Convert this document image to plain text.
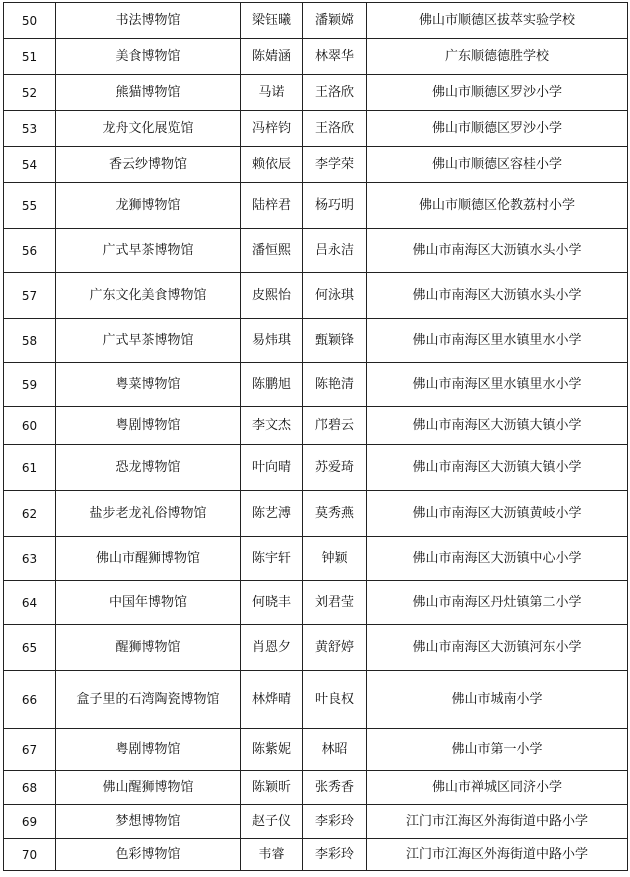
50	书法博物馆	梁钰曦	潘颖嫦	佛山市顺德区拔萃实验学校
51	美食博物馆	陈婧涵	林翠华	广东顺德德胜学校
52	熊猫博物馆	马诺	王洛欣	佛山市顺德区罗沙小学
53	龙舟文化展览馆	冯梓钧	王洛欣	佛山市顺德区罗沙小学
54	香云纱博物馆	赖依辰	李学荣	佛山市顺德区容桂小学
55	龙狮博物馆	陆梓君	杨巧明	佛山市顺德区伦教荔村小学
56	广式早茶博物馆	潘恒熙	吕永洁	佛山市南海区大沥镇水头小学
57	广东文化美食博物馆	皮熙怡	何泳琪	佛山市南海区大沥镇水头小学
58	广式早茶博物馆	易炜琪	甄颖锋	佛山市南海区里水镇里水小学
59	粤菜博物馆	陈鹏旭	陈艳清	佛山市南海区里水镇里水小学
60	粤剧博物馆	李文杰	邝碧云	佛山市南海区大沥镇大镇小学
61	恐龙博物馆	叶向晴	苏爱琦	佛山市南海区大沥镇大镇小学
62	盐步老龙礼俗博物馆	陈艺溥	莫秀燕	佛山市南海区大沥镇黄岐小学
63	佛山市醒狮博物馆	陈宇轩	钟颖	佛山市南海区大沥镇中心小学
64	中国年博物馆	何晓丰	刘君莹	佛山市南海区丹灶镇第二小学
65	醒狮博物馆	肖恩夕	黄舒婷	佛山市南海区大沥镇河东小学
66	盒子里的石湾陶瓷博物馆	林烨晴	叶良权	佛山市城南小学
67	粤剧博物馆	陈紫妮	林昭	佛山市第一小学
68	佛山醒狮博物馆	陈颖昕	张秀香	佛山市禅城区同济小学
69	梦想博物馆	赵子仪	李彩玲	江门市江海区外海街道中路小学
70	色彩博物馆	韦睿	李彩玲	江门市江海区外海街道中路小学
